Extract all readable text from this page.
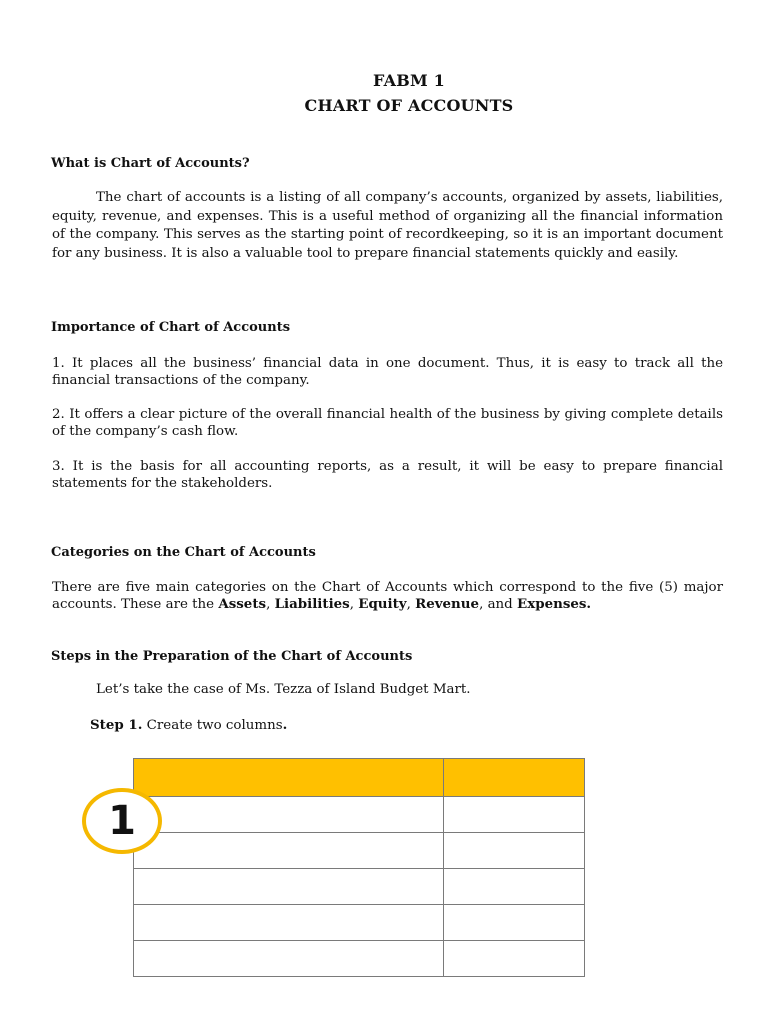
FABM 1
CHART OF ACCOUNTS
What is Chart of Accounts?

The chart of accounts is a listing of all company’s accounts, organized by assets, liabilities, equity, revenue, and expenses. This is a useful method of organizing all the financial information of the company. This serves as the starting point of recordkeeping, so it is an important document for any business. It is also a valuable tool to prepare financial statements quickly and easily.

Importance of Chart of Accounts

1. It places all the business’ financial data in one document. Thus, it is easy to track all the financial transactions of the company.

2. It offers a clear picture of the overall financial health of the business by giving complete details of the company’s cash flow.

3. It is the basis for all accounting reports, as a result, it will be easy to prepare financial statements for the stakeholders.

Categories on the Chart of Accounts

There are five main categories on the Chart of Accounts which correspond to the five (5) major accounts. These are the Assets, Liabilities, Equity, Revenue, and Expenses.

Steps in the Preparation of the Chart of Accounts
Let’s take the case of Ms. Tezza of Island Budget Mart.
Step 1. Create two columns.

1
